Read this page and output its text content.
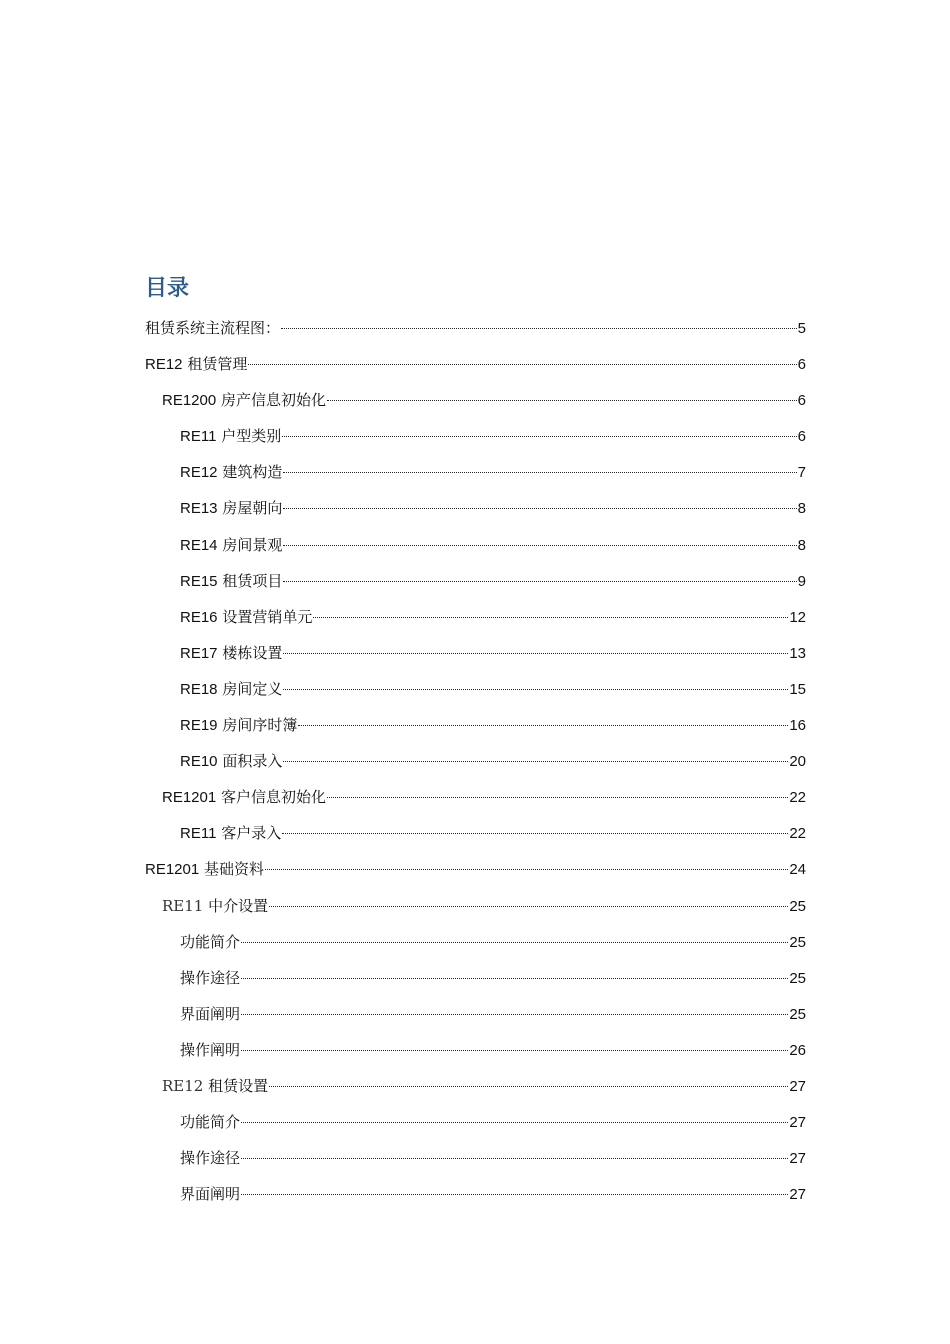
目录
租赁系统主流程图：	5
RE12 租赁管理	6
RE1200 房产信息初始化	6
RE11 户型类别	6
RE12 建筑构造	7
RE13 房屋朝向	8
RE14 房间景观	8
RE15 租赁项目	9
RE16 设置营销单元	12
RE17 楼栋设置	13
RE18 房间定义	15
RE19 房间序时簿	16
RE10 面积录入	20
RE1201 客户信息初始化	22
RE11 客户录入	22
RE1201 基础资料	24
RE11 中介设置	25
功能简介	25
操作途径	25
界面阐明	25
操作阐明	26
RE12 租赁设置	27
功能简介	27
操作途径	27
界面阐明	27
